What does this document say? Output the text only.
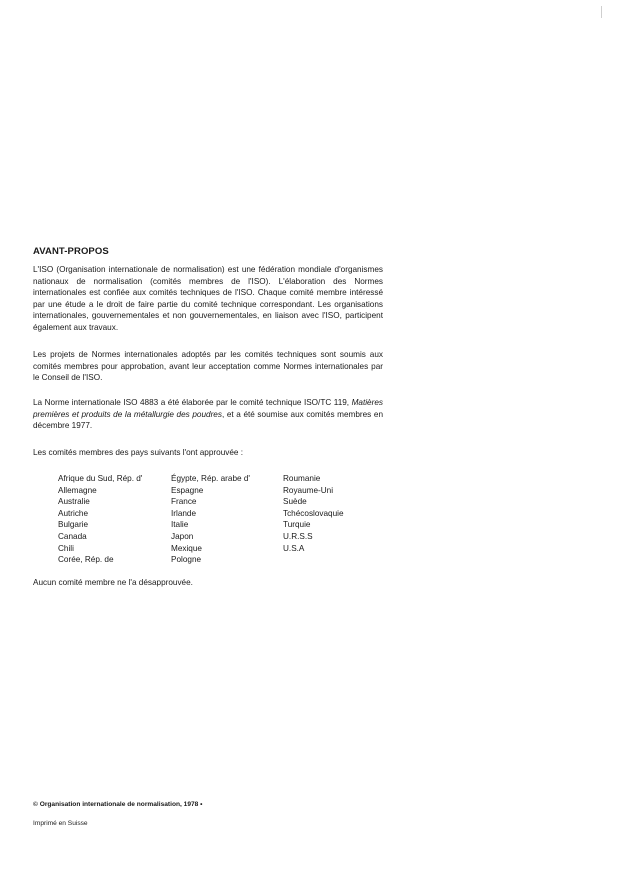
AVANT-PROPOS

L'ISO (Organisation internationale de normalisation) est une fédération mondiale d'organismes nationaux de normalisation (comités membres de l'ISO). L'élaboration des Normes internationales est confiée aux comités techniques de l'ISO. Chaque comité membre intéressé par une étude a le droit de faire partie du comité technique correspondant. Les organisations internationales, gouvernementales et non gouvernementales, en liaison avec l'ISO, participent également aux travaux.

Les projets de Normes internationales adoptés par les comités techniques sont soumis aux comités membres pour approbation, avant leur acceptation comme Normes internationales par le Conseil de l'ISO.

La Norme internationale ISO 4883 a été élaborée par le comité technique ISO/TC 119, Matières premières et produits de la métallurgie des poudres, et a été soumise aux comités membres en décembre 1977.

Les comités membres des pays suivants l'ont approuvée :

Afrique du Sud, Rép. d'
Allemagne
Australie
Autriche
Bulgarie
Canada
Chili
Corée, Rép. de
Égypte, Rép. arabe d'
Espagne
France
Irlande
Italie
Japon
Mexique
Pologne
Roumanie
Royaume-Uni
Suède
Tchécoslovaquie
Turquie
U.R.S.S
U.S.A

Aucun comité membre ne l'a désapprouvée.

© Organisation internationale de normalisation, 1978 •

Imprimé en Suisse
